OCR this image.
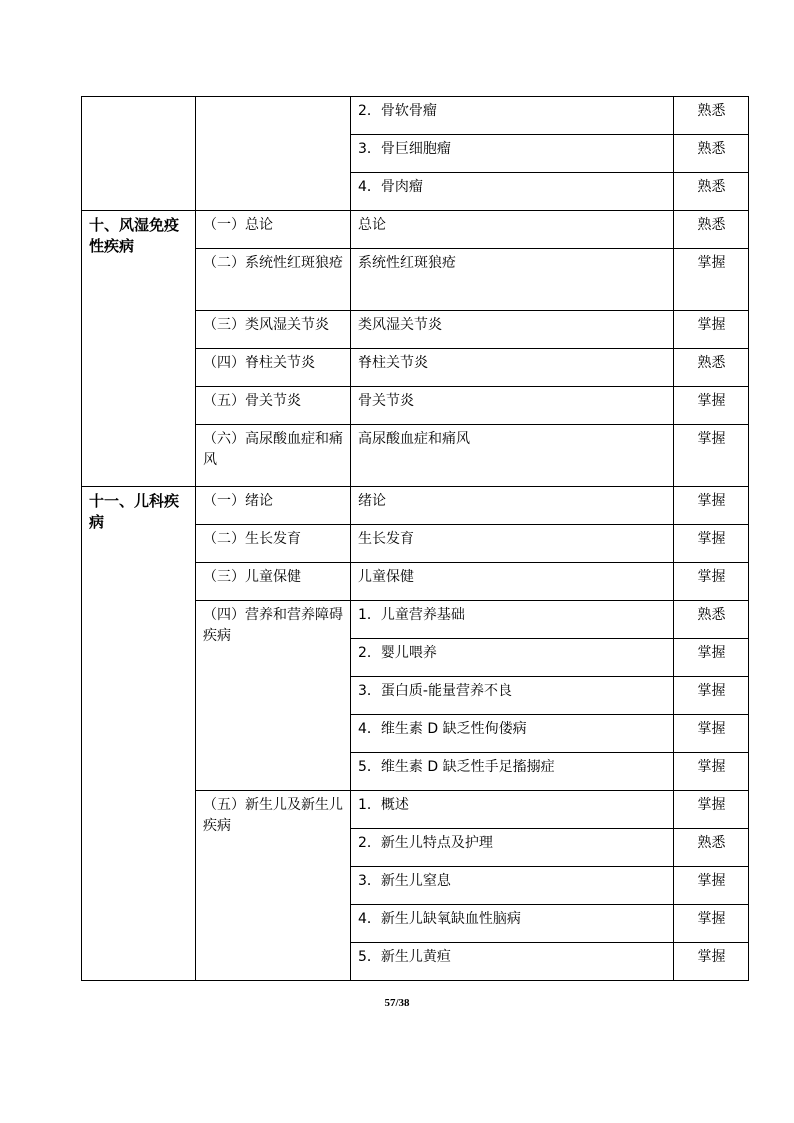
		2．骨软骨瘤	熟悉
		3．骨巨细胞瘤	熟悉
		4．骨肉瘤	熟悉
十、风湿免疫性疾病	（一）总论	总论	熟悉
	（二）系统性红斑狼疮	系统性红斑狼疮	掌握
	（三）类风湿关节炎	类风湿关节炎	掌握
	（四）脊柱关节炎	脊柱关节炎	熟悉
	（五）骨关节炎	骨关节炎	掌握
	（六）高尿酸血症和痛风	高尿酸血症和痛风	掌握
十一、儿科疾病	（一）绪论	绪论	掌握
	（二）生长发育	生长发育	掌握
	（三）儿童保健	儿童保健	掌握
	（四）营养和营养障碍疾病	1．儿童营养基础	熟悉
		2．婴儿喂养	掌握
		3．蛋白质-能量营养不良	掌握
		4．维生素 D 缺乏性佝偻病	掌握
		5．维生素 D 缺乏性手足搐搦症	掌握
	（五）新生儿及新生儿疾病	1．概述	掌握
		2．新生儿特点及护理	熟悉
		3．新生儿窒息	掌握
		4．新生儿缺氧缺血性脑病	掌握
		5．新生儿黄疸	掌握
57/38
